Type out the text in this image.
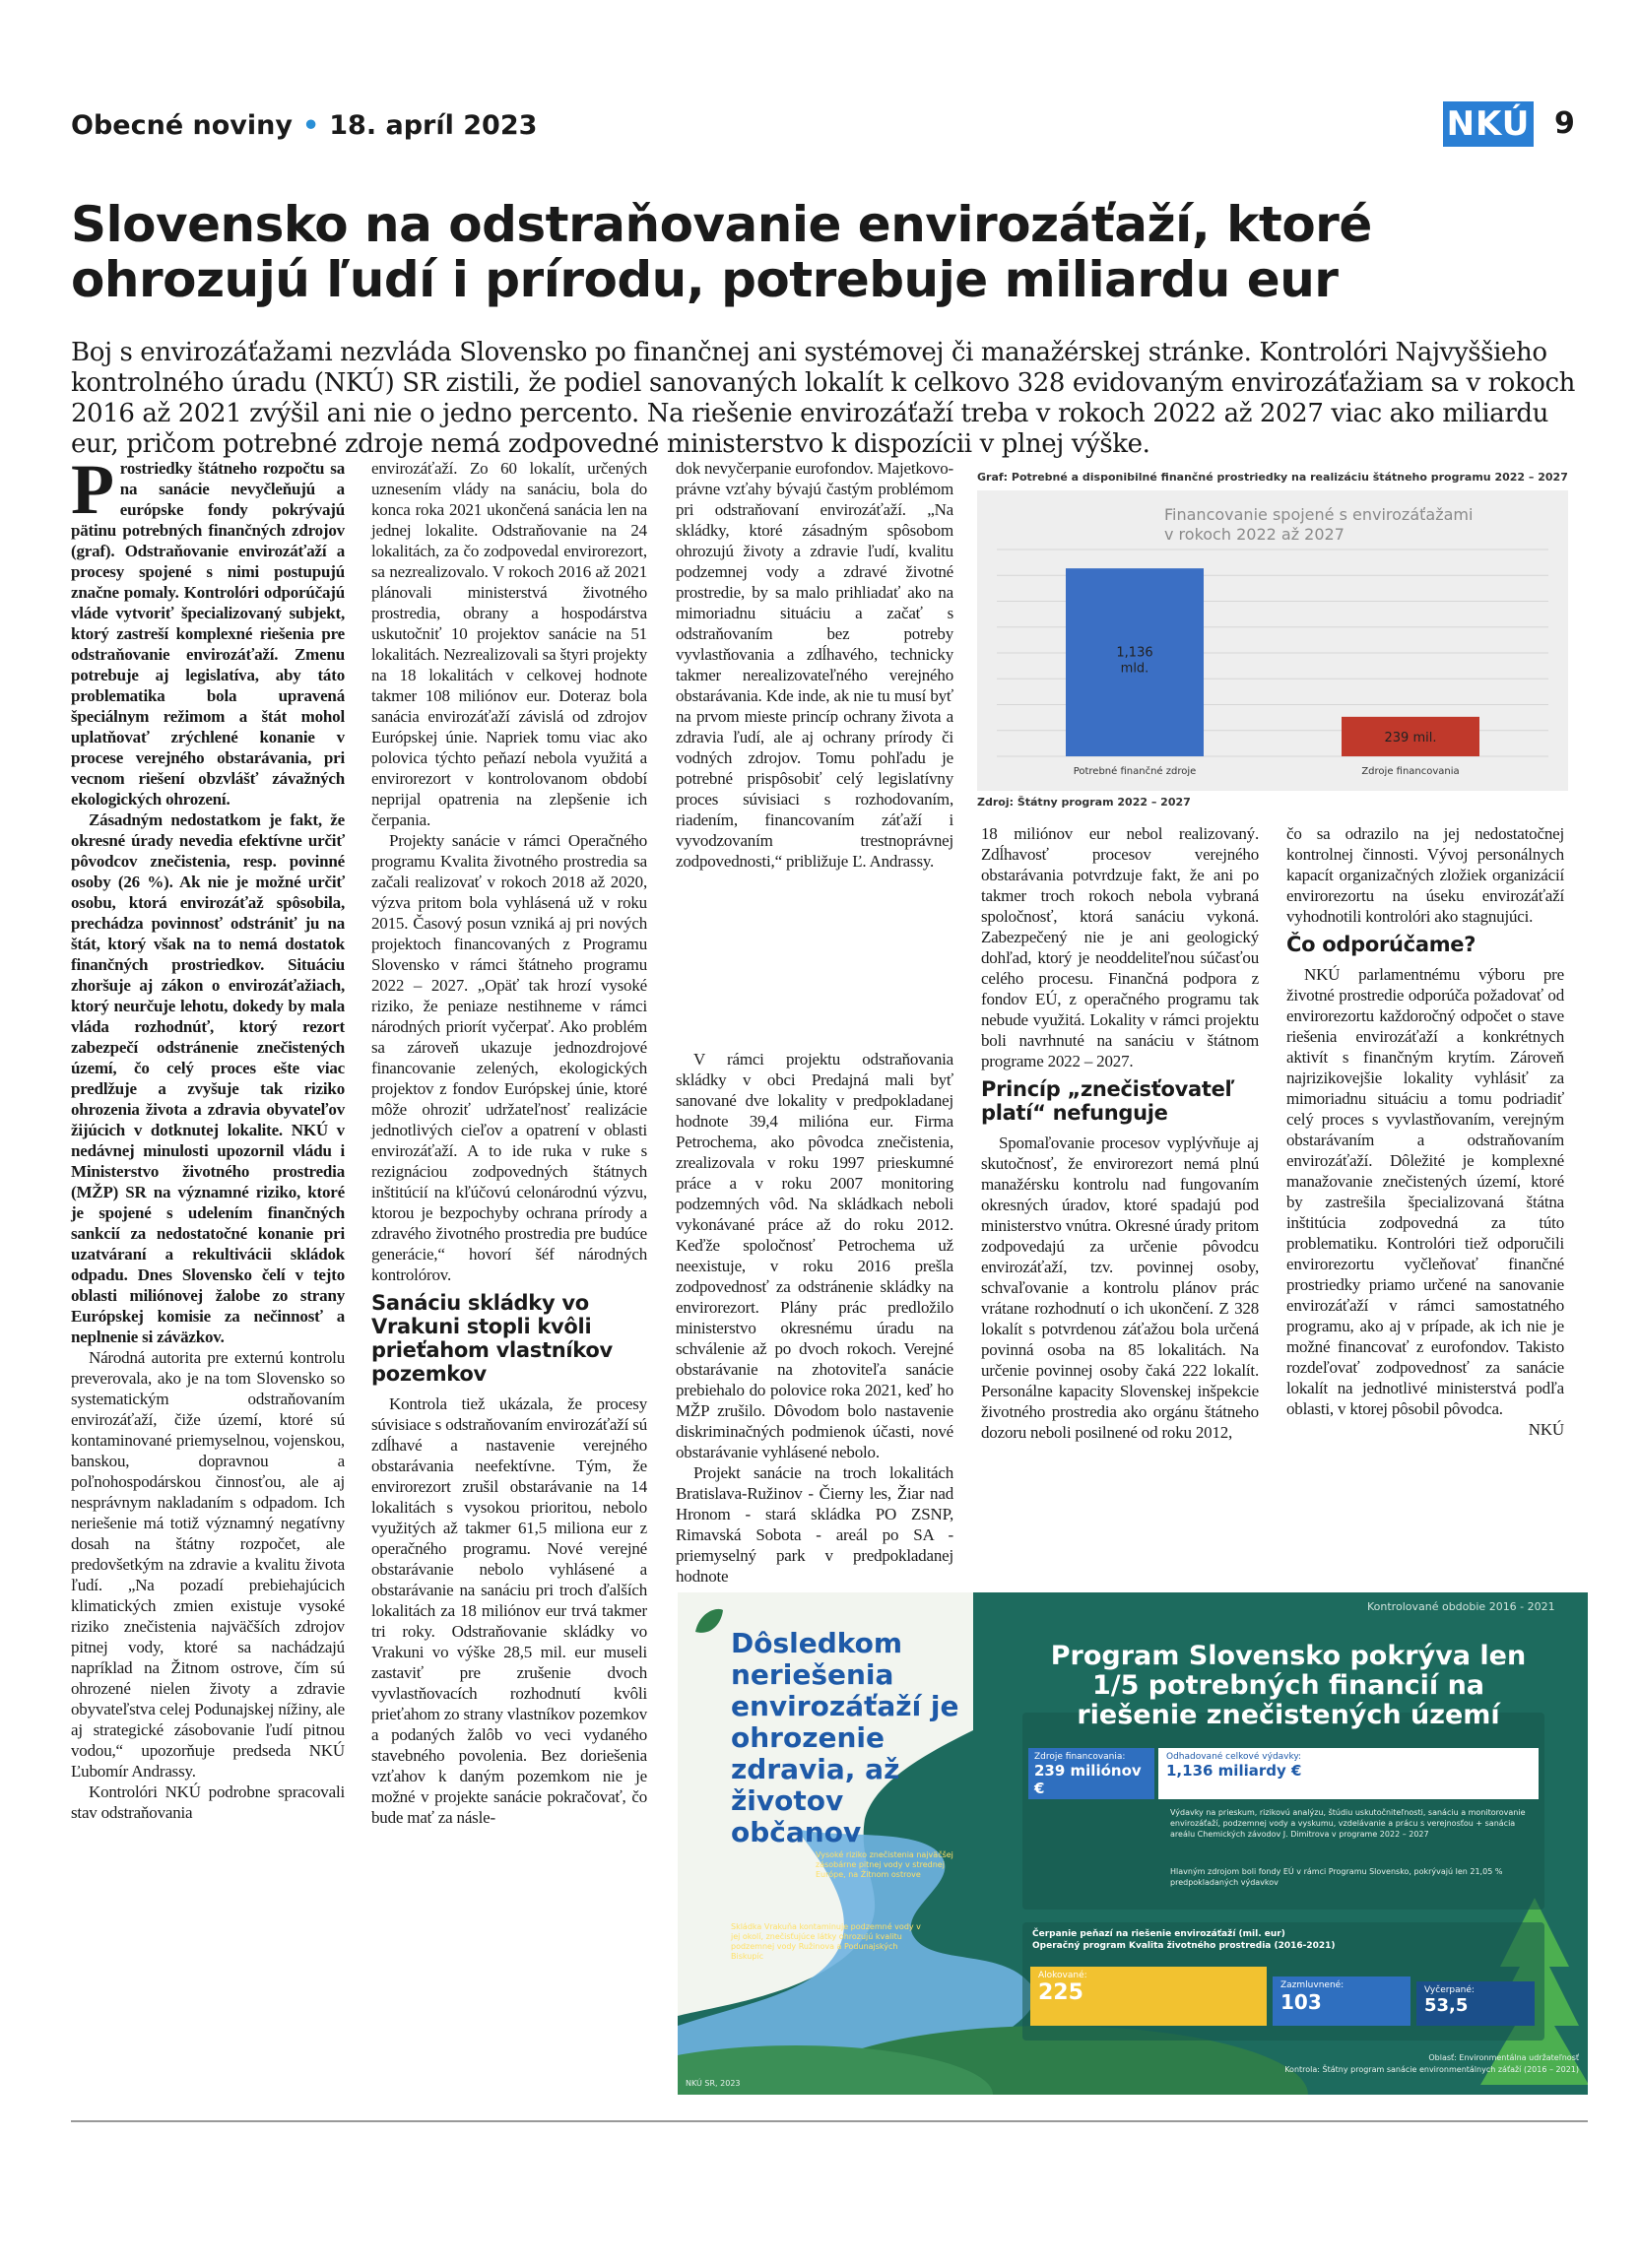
Obecné noviny • 18. apríl 2023	NKÚ 9
Slovensko na odstraňovanie envirozáťaží, ktoré ohrozujú ľudí i prírodu, potrebuje miliardu eur

Boj s envirozáťažami nezvláda Slovensko po finančnej ani systémovej či manažérskej stránke. Kontrolóri Najvyššieho kontrolného úradu (NKÚ) SR zistili, že podiel sanovaných lokalít k celkovo 328 evidovaným envirozáťažiam sa v rokoch 2016 až 2021 zvýšil ani nie o jedno percento. Na riešenie envirozáťaží treba v rokoch 2022 až 2027 viac ako miliardu eur, pričom potrebné zdroje nemá zodpovedné ministerstvo k dispozícii v plnej výške.

Prostriedky štátneho rozpočtu sa na sanácie nevyčleňujú a európske fondy pokrývajú pätinu potrebných finančných zdrojov (graf). Odstraňovanie envirozáťaží a procesy spojené s nimi postupujú značne pomaly. Kontrolóri odporúčajú vláde vytvoriť špecializovaný subjekt, ktorý zastreší komplexné riešenia pre odstraňovanie envirozáťaží. Zmenu potrebuje aj legislatíva, aby táto problematika bola upravená špeciálnym režimom a štát mohol uplatňovať zrýchlené konanie v procese verejného obstarávania, pri vecnom riešení obzvlášť závažných ekologických ohrození.

Zásadným nedostatkom je fakt, že okresné úrady nevedia efektívne určiť pôvodcov znečistenia, resp. povinné osoby (26 %). Ak nie je možné určiť osobu, ktorá envirozáťaž spôsobila, prechádza povinnosť odstrániť ju na štát, ktorý však na to nemá dostatok finančných prostriedkov. Situáciu zhoršuje aj zákon o envirozáťažiach, ktorý neurčuje lehotu, dokedy by mala vláda rozhodnúť, ktorý rezort zabezpečí odstránenie znečistených území, čo celý proces ešte viac predlžuje a zvyšuje tak riziko ohrozenia života a zdravia obyvateľov žijúcich v dotknutej lokalite. NKÚ v nedávnej minulosti upozornil vládu i Ministerstvo životného prostredia (MŽP) SR na významné riziko, ktoré je spojené s udelením finančných sankcií za nedostatočné konanie pri uzatváraní a rekultivácii skládok odpadu. Dnes Slovensko čelí v tejto oblasti miliónovej žalobe zo strany Európskej komisie za nečinnosť a neplnenie si záväzkov.

Národná autorita pre externú kontrolu preverovala, ako je na tom Slovensko so systematickým odstraňovaním envirozáťaží, čiže území, ktoré sú kontaminované priemyselnou, vojenskou, banskou, dopravnou a poľnohospodárskou činnosťou, ale aj nesprávnym nakladaním s odpadom. Ich neriešenie má totiž významný negatívny dosah na štátny rozpočet, ale predovšetkým na zdravie a kvalitu života ľudí. „Na pozadí prebiehajúcich klimatických zmien existuje vysoké riziko znečistenia najväčších zdrojov pitnej vody, ktoré sa nachádzajú napríklad na Žitnom ostrove, čím sú ohrozené nielen životy a zdravie obyvateľstva celej Podunajskej nížiny, ale aj strategické zásobovanie ľudí pitnou vodou,“ upozorňuje predseda NKÚ Ľubomír Andrassy.

Kontrolóri NKÚ podrobne spracovali stav odstraňovania

envirozáťaží. Zo 60 lokalít, určených uznesením vlády na sanáciu, bola do konca roka 2021 ukončená sanácia len na jednej lokalite. Odstraňovanie na 24 lokalitách, za čo zodpovedal envirorezort, sa nezrealizovalo. V rokoch 2016 až 2021 plánovali ministerstvá životného prostredia, obrany a hospodárstva uskutočniť 10 projektov sanácie na 51 lokalitách. Nezrealizovali sa štyri projekty na 18 lokalitách v celkovej hodnote takmer 108 miliónov eur. Doteraz bola sanácia envirozáťaží závislá od zdrojov Európskej únie. Napriek tomu viac ako polovica týchto peňazí nebola využitá a envirorezort v kontrolovanom období neprijal opatrenia na zlepšenie ich čerpania.

Projekty sanácie v rámci Operačného programu Kvalita životného prostredia sa začali realizovať v rokoch 2018 až 2020, výzva pritom bola vyhlásená už v roku 2015. Časový posun vzniká aj pri nových projektoch financovaných z Programu Slovensko v rámci štátneho programu 2022 – 2027. „Opäť tak hrozí vysoké riziko, že peniaze nestihneme v rámci národných priorít vyčerpať. Ako problém sa zároveň ukazuje jednozdrojové financovanie zelených, ekologických projektov z fondov Európskej únie, ktoré môže ohroziť udržateľnosť realizácie jednotlivých cieľov a opatrení v oblasti envirozáťaží. A to ide ruka v ruke s rezignáciou zodpovedných štátnych inštitúcií na kľúčovú celonárodnú výzvu, ktorou je bezpochyby ochrana prírody a zdravého životného prostredia pre budúce generácie,“ hovorí šéf národných kontrolórov.

Sanáciu skládky vo Vrakuni stopli kvôli prieťahom vlastníkov pozemkov

Kontrola tiež ukázala, že procesy súvisiace s odstraňovaním envirozáťaží sú zdĺhavé a nastavenie verejného obstarávania neefektívne. Tým, že envirorezort zrušil obstarávanie na 14 lokalitách s vysokou prioritou, nebolo využitých až takmer 61,5 miliona eur z operačného programu. Nové verejné obstarávanie nebolo vyhlásené a obstarávanie na sanáciu pri troch ďalších lokalitách za 18 miliónov eur trvá takmer tri roky. Odstraňovanie skládky vo Vrakuni vo výške 28,5 mil. eur museli zastaviť pre zrušenie dvoch vyvlastňovacích rozhodnutí kvôli prieťahom zo strany vlastníkov pozemkov a podaných žalôb vo veci vydaného stavebného povolenia. Bez doriešenia vzťahov k daným pozemkom nie je možné v projekte sanácie pokračovať, čo bude mať za násle-

dok nevyčerpanie eurofondov. Majetkovo-právne vzťahy bývajú častým problémom pri odstraňovaní envirozáťaží. „Na skládky, ktoré zásadným spôsobom ohrozujú životy a zdravie ľudí, kvalitu podzemnej vody a zdravé životné prostredie, by sa malo prihliadať ako na mimoriadnu situáciu a začať s odstraňovaním bez potreby vyvlastňovania a zdĺhavého, technicky takmer nerealizovateľného verejného obstarávania. Kde inde, ak nie tu musí byť na prvom mieste princíp ochrany života a zdravia ľudí, ale aj ochrany prírody či vodných zdrojov. Tomu pohľadu je potrebné prispôsobiť celý legislatívny proces súvisiaci s rozhodovaním, riadením, financovaním záťaží i vyvodzovaním trestnoprávnej zodpovednosti,“ približuje Ľ. Andrassy.

V rámci projektu odstraňovania skládky v obci Predajná mali byť sanované dve lokality v predpokladanej hodnote 39,4 milióna eur. Firma Petrochema, ako pôvodca znečistenia, zrealizovala v roku 1997 prieskumné práce a v roku 2007 monitoring podzemných vôd. Na skládkach neboli vykonávané práce až do roku 2012. Keďže spoločnosť Petrochema už neexistuje, v roku 2016 prešla zodpovednosť za odstránenie skládky na envirorezort. Plány prác predložilo ministerstvo okresnému úradu na schválenie až po dvoch rokoch. Verejné obstarávanie na zhotoviteľa sanácie prebiehalo do polovice roka 2021, keď ho MŽP zrušilo. Dôvodom bolo nastavenie diskriminačných podmienok účasti, nové obstarávanie vyhlásené nebolo.

Projekt sanácie na troch lokalitách Bratislava-Ružinov - Čierny les, Žiar nad Hronom - stará skládka PO ZSNP, Rimavská Sobota - areál po SA - priemyselný park v predpokladanej hodnote

Graf: Potrebné a disponibilné finančné prostriedky na realizáciu štátneho programu 2022 – 2027
Financovanie spojené s envirozáťažami v rokoch 2022 až 2027
1,136 mld.
Potrebné finančné zdroje
239 mil.
Zdroje financovania
Zdroj: Štátny program 2022 – 2027

18 miliónov eur nebol realizovaný. Zdĺhavosť procesov verejného obstarávania potvrdzuje fakt, že ani po takmer troch rokoch nebola vybraná spoločnosť, ktorá sanáciu vykoná. Zabezpečený nie je ani geologický dohľad, ktorý je neoddeliteľnou súčasťou celého procesu. Finančná podpora z fondov EÚ, z operačného programu tak nebude využitá. Lokality v rámci projektu boli navrhnuté na sanáciu v štátnom programe 2022 – 2027.

Princíp „znečisťovateľ platí“ nefunguje

Spomaľovanie procesov vyplývňuje aj skutočnosť, že envirorezort nemá plnú manažérsku kontrolu nad fungovaním okresných úradov, ktoré spadajú pod ministerstvo vnútra. Okresné úrady pritom zodpovedajú za určenie pôvodcu envirozáťaží, tzv. povinnej osoby, schvaľovanie a kontrolu plánov prác vrátane rozhodnutí o ich ukončení. Z 328 lokalít s potvrdenou záťažou bola určená povinná osoba na 85 lokalitách. Na určenie povinnej osoby čaká 222 lokalít. Personálne kapacity Slovenskej inšpekcie životného prostredia ako orgánu štátneho dozoru neboli posilnené od roku 2012,

čo sa odrazilo na jej nedostatočnej kontrolnej činnosti. Vývoj personálnych kapacít organizačných zložiek organizácií envirorezortu na úseku envirozáťaží vyhodnotili kontrolóri ako stagnujúci.

Čo odporúčame?

NKÚ parlamentnému výboru pre životné prostredie odporúča požadovať od envirorezortu každoročný odpočet o stave riešenia envirozáťaží a konkrétnych aktivít s finančným krytím. Zároveň najrizikovejšie lokality vyhlásiť za mimoriadnu situáciu a tomu podriadiť celý proces s vyvlastňovaním, verejným obstarávaním a odstraňovaním envirozáťaží. Dôležité je komplexné manažovanie znečistených území, ktoré by zastrešila špecializovaná štátna inštitúcia zodpovedná za túto problematiku. Kontrolóri tiež odporučili envirorezortu vyčleňovať finančné prostriedky priamo určené na sanovanie envirozáťaží v rámci samostatného programu, ako aj v prípade, ak ich nie je možné financovať z eurofondov. Takisto rozdeľovať zodpovednosť za sanácie lokalít na jednotlivé ministerstvá podľa oblasti, v ktorej pôsobil pôvodca.

NKÚ

Kontrolované obdobie 2016 - 2021
Dôsledkom neriešenia envirozáťaží je ohrozenie zdravia, až životov občanov
Vysoké riziko znečistenia najväčšej zásobárne pitnej vody v strednej Európe, na Žitnom ostrove
Skládka Vrakuňa kontaminuje podzemné vody v jej okolí, znečisťujúce látky ohrozujú kvalitu podzemnej vody Ružinova a Podunajských Biskupíc
Program Slovensko pokrýva len 1/5 potrebných financií na riešenie znečistených území
Zdroje financovania:
239 miliónov €
Odhadované celkové výdavky:
1,136 miliardy €
Výdavky na prieskum, rizikovú analýzu, štúdiu uskutočniteľnosti, sanáciu a monitorovanie envirozáťaží, podzemnej vody a vyskumu, vzdelávanie a prácu s verejnosťou + sanácia areálu Chemických závodov J. Dimitrova v programe 2022 – 2027
Hlavným zdrojom boli fondy EÚ v rámci Programu Slovensko, pokrývajú len 21,05 % predpokladaných výdavkov
Čerpanie peňazí na riešenie envirozáťaží (mil. eur)
Operačný program Kvalita životného prostredia (2016-2021)
Alokované:
225	Zazmluvnené:
103	Vyčerpané:
53,5
Oblasť: Environmentálna udržateľnosť
Kontrola: Štátny program sanácie environmentálnych záťaží (2016 – 2021)
NKÚ SR, 2023
